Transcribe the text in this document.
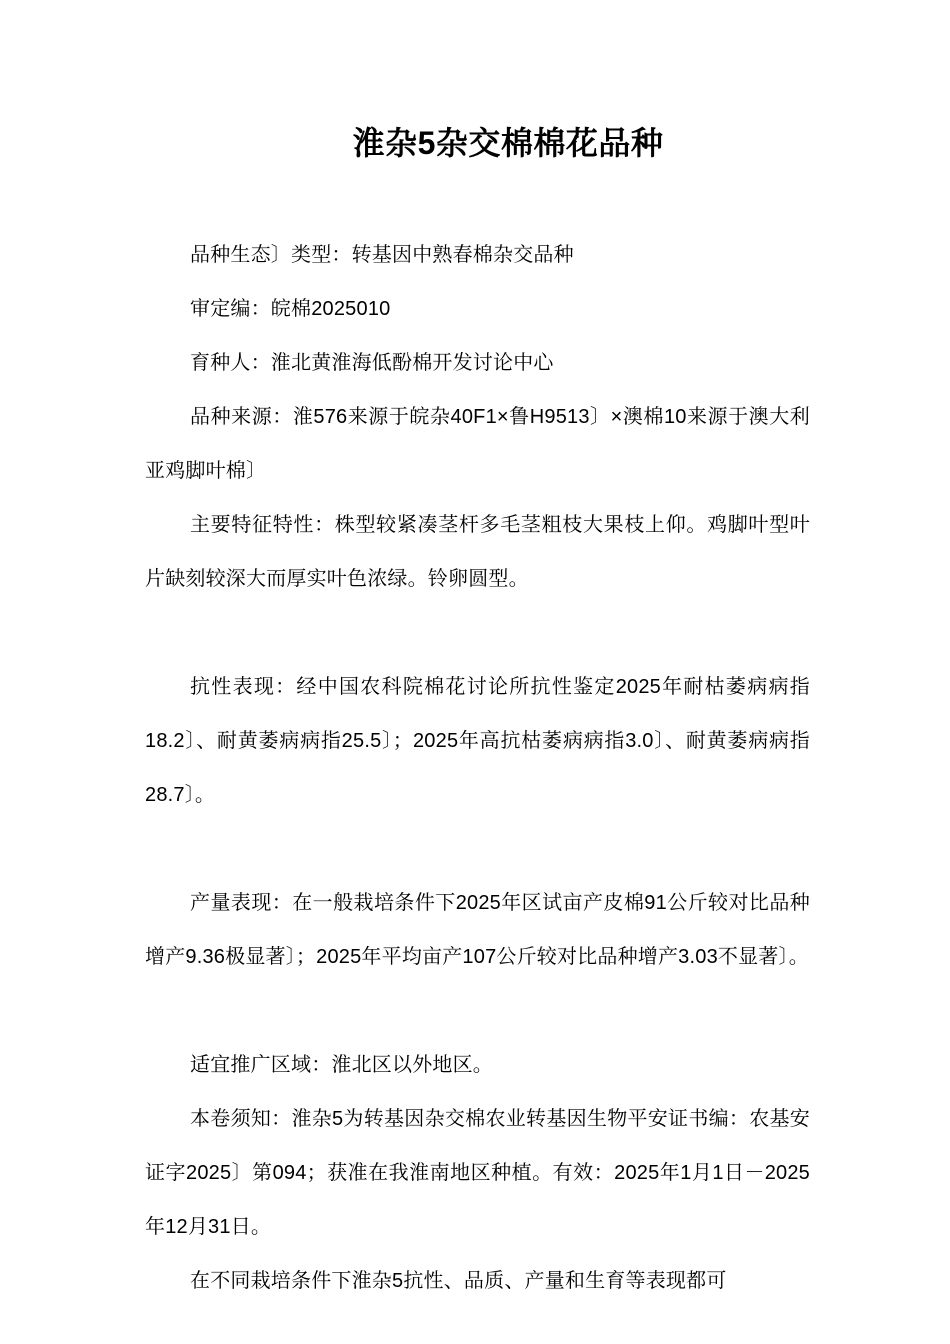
淮杂5杂交棉棉花品种

品种生态〕类型：转基因中熟春棉杂交品种

审定编：皖棉2025010

育种人：淮北黄淮海低酚棉开发讨论中心

品种来源：淮576来源于皖杂40F1×鲁H9513〕×澳棉10来源于澳大利亚鸡脚叶棉〕

主要特征特性：株型较紧凑茎杆多毛茎粗枝大果枝上仰。鸡脚叶型叶片缺刻较深大而厚实叶色浓绿。铃卵圆型。

抗性表现：经中国农科院棉花讨论所抗性鉴定2025年耐枯萎病病指18.2〕、耐黄萎病病指25.5〕；2025年高抗枯萎病病指3.0〕、耐黄萎病病指28.7〕。

产量表现：在一般栽培条件下2025年区试亩产皮棉91公斤较对比品种增产9.36极显著〕；2025年平均亩产107公斤较对比品种增产3.03不显著〕。

适宜推广区域：淮北区以外地区。

本卷须知：淮杂5为转基因杂交棉农业转基因生物平安证书编：农基安证字2025〕第094；获准在我淮南地区种植。有效：2025年1月1日－2025年12月31日。

在不同栽培条件下淮杂5抗性、品质、产量和生育等表现都可
